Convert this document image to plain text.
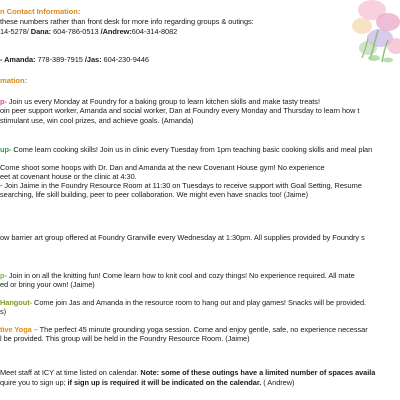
n Contact Information:
these numbers rather than front desk for more info regarding groups & outings:
14-5278/ Dana: 604-786-0513 /Andrew:604-314-8082
- Amanda: 778-389-7915 /Jas: 604-230-9446
mation:
p- Join us every Monday at Foundry for a baking group to learn kitchen skills and make tasty treats!
oin peer support worker, Amanda and social worker, Dan at Foundry every Monday and Thursday to learn how t
stimulant use, win cool prizes, and achieve goals. (Amanda)
up- Come learn cooking skills! Join us in clinic every Tuesday from 1pm teaching basic cooking skills and meal plan
Come shoot some hoops with Dr. Dan and Amanda at the new Covenant House gym! No experience
eet at covenant house or the clinic at 4:30.
- Join Jaime in the Foundry Resource Room at 11:30 on Tuesdays to receive support with Goal Setting, Resume
searching, life skill building, peer to peer collaboration. We might even have snacks too! (Jaime)
ow barrier art group offered at Foundry Granville every Wednesday at 1:30pm. All supplies provided by Foundry s
p- Join in on all the knitting fun! Come learn how to knit cool and cozy things! No experience required. All mate
ed or bring your own! (Jaime)
Hangout- Come join Jas and Amanda in the resource room to hang out and play games! Snacks will be provided.
s)
tive Yoga – The perfect 45 minute grounding yoga session. Come and enjoy gentle, safe, no experience necessar
l be provided. This group will be held in the Foundry Resource Room. (Jaime)
Meet staff at ICY at time listed on calendar. Note: some of these outings have a limited number of spaces availa
quire you to sign up; if sign up is required it will be indicated on the calendar. ( Andrew)
